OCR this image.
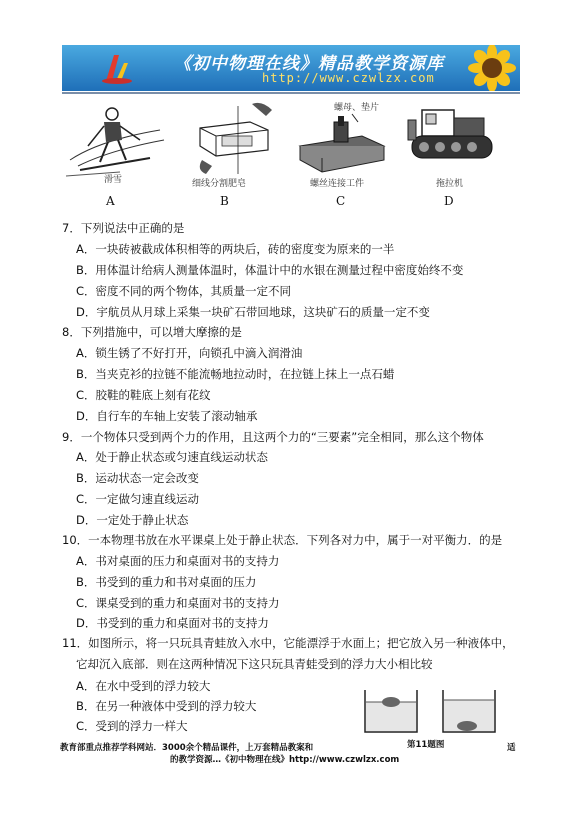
《初中物理在线》精品教学资源库
http://www.czwlzx.com
滑雪
A
细线分割肥皂
B
螺母、垫片
螺丝连接工件
C
拖拉机
D
7．下列说法中正确的是
A．一块砖被截成体积相等的两块后，砖的密度变为原来的一半
B．用体温计给病人测量体温时，体温计中的水银在测量过程中密度始终不变
C．密度不同的两个物体，其质量一定不同
D．宇航员从月球上采集一块矿石带回地球，这块矿石的质量一定不变
8．下列措施中，可以增大摩擦的是
A．锁生锈了不好打开，向锁孔中滴入润滑油
B．当夹克衫的拉链不能流畅地拉动时，在拉链上抹上一点石蜡
C．胶鞋的鞋底上刻有花纹
D．自行车的车轴上安装了滚动轴承
9．一个物体只受到两个力的作用，且这两个力的“三要素”完全相同，那么这个物体
A．处于静止状态或匀速直线运动状态
B．运动状态一定会改变
C．一定做匀速直线运动
D．一定处于静止状态
10．一本物理书放在水平课桌上处于静止状态．下列各对力中，属于一对平衡力．的是
A．书对桌面的压力和桌面对书的支持力
B．书受到的重力和书对桌面的压力
C．课桌受到的重力和桌面对书的支持力
D．书受到的重力和桌面对书的支持力
11．如图所示，将一只玩具青蛙放入水中，它能漂浮于水面上；把它放入另一种液体中，
它却沉入底部．则在这两种情况下这只玩具青蛙受到的浮力大小相比较
A．在水中受到的浮力较大
B．在另一种液体中受到的浮力较大
C．受到的浮力一样大
第11题图
教育部重点推荐学科网站．3000余个精品课件，上万套精品教案和	适
的教学资源…《初中物理在线》http://www.czwlzx.com
